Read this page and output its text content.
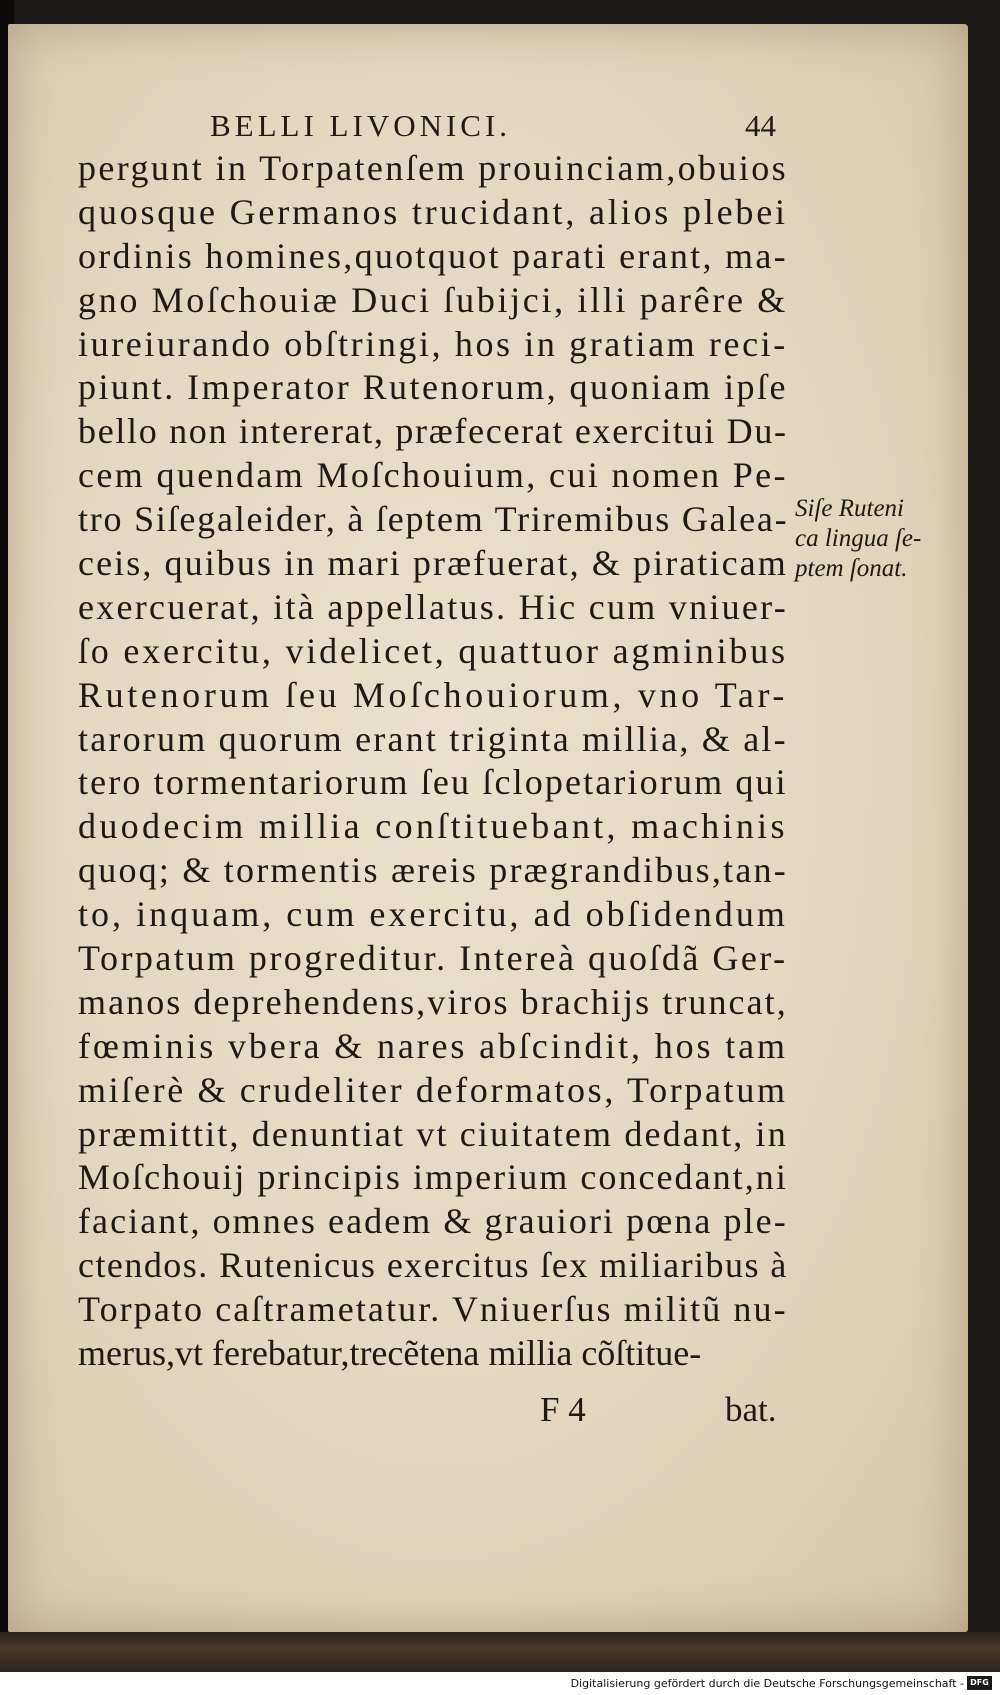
BELLI LIVONICI.	44
pergunt in Torpatenſem prouinciam,obuios
quosque Germanos trucidant, alios plebei
ordinis homines,quotquot parati erant, ma-
gno Moſchouiæ Duci ſubijci, illi parêre &
iureiurando obſtringi, hos in gratiam reci-
piunt. Imperator Rutenorum, quoniam ipſe
bello non intererat, præfecerat exercitui Du-
cem quendam Moſchouium, cui nomen Pe-
tro Siſegaleider, à ſeptem Triremibus Galea-
ceis, quibus in mari præfuerat, & piraticam
exercuerat, ità appellatus. Hic cum vniuer-
ſo exercitu, videlicet, quattuor agminibus
Rutenorum ſeu Moſchouiorum, vno Tar-
tarorum quorum erant triginta millia, & al-
tero tormentariorum ſeu ſclopetariorum qui
duodecim millia conſtituebant, machinis
quoq; & tormentis æreis prægrandibus,tan-
to, inquam, cum exercitu, ad obſidendum
Torpatum progreditur. Intereà quoſdã Ger-
manos deprehendens,viros brachijs truncat,
fœminis vbera & nares abſcindit, hos tam
miſerè & crudeliter deformatos, Torpatum
præmittit, denuntiat vt ciuitatem dedant, in
Moſchouij principis imperium concedant,ni
faciant, omnes eadem & grauiori pœna ple-
ctendos. Rutenicus exercitus ſex miliaribus à
Torpato caſtrametatur. Vniuerſus militũ nu-
merus,vt ferebatur,trecẽtena millia cõſtitue-
Siſe Ruteni
ca lingua ſe-
ptem ſonat.
F 4	bat.
Digitalisierung gefördert durch die Deutsche Forschungsgemeinschaft - DFG
